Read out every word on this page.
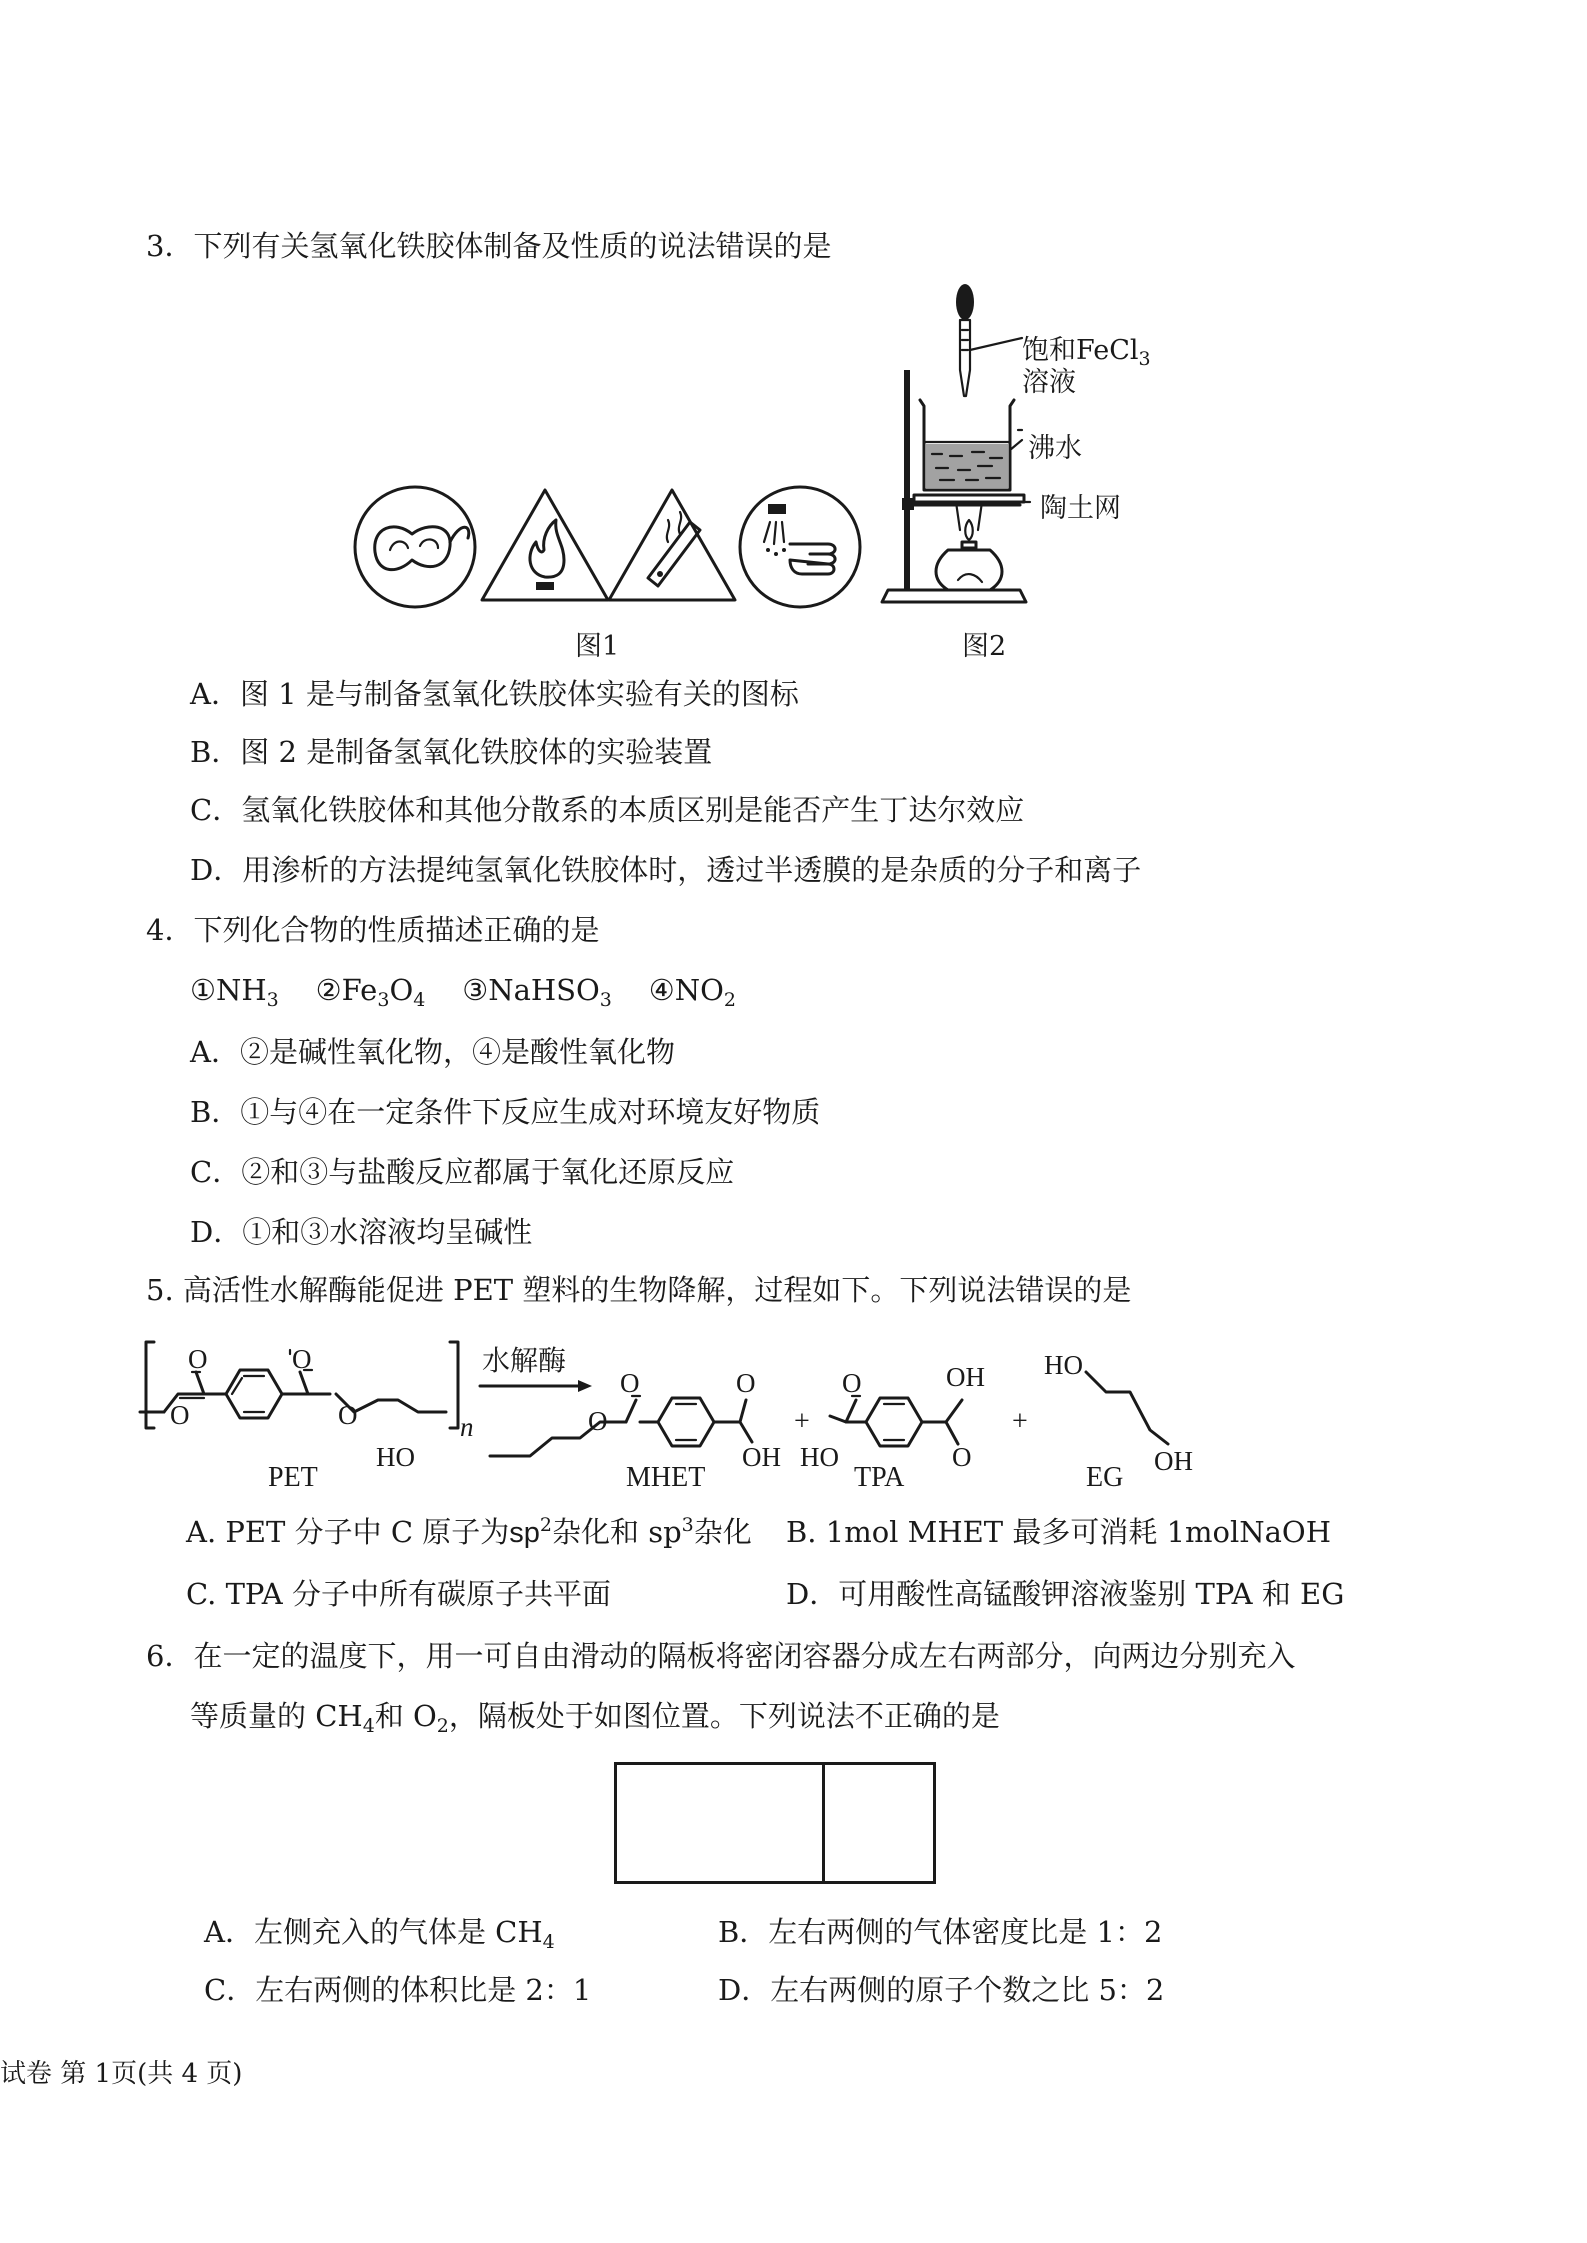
3．下列有关氢氧化铁胶体制备及性质的说法错误的是
图1
饱和FeCl$_3$
溶液
沸水
陶土网
图2
A．图 1 是与制备氢氧化铁胶体实验有关的图标
B．图 2 是制备氢氧化铁胶体的实验装置
C．氢氧化铁胶体和其他分散系的本质区别是能否产生丁达尔效应
D．用渗析的方法提纯氢氧化铁胶体时，透过半透膜的是杂质的分子和离子
4．下列化合物的性质描述正确的是
$①NH_3$ $②Fe_3O_4$ ③NaHSO$_3$ $④NO_2$
A．②是碱性氧化物，④是酸性氧化物
B．①与④在一定条件下反应生成对环境友好物质
C．②和③与盐酸反应都属于氧化还原反应
D．①和③水溶液均呈碱性
5. 高活性水解酶能促进 PET 塑料的生物降解，过程如下。下列说法错误的是
O
O	O
O	n
PET
水解酶
HO
O
O	O
OH
MHET
+
O
HO
OH
O
TPA
+
HO
OH
EG
A. PET 分子中 C 原子为$sp^2$杂化和 $sp^3$杂化 B. 1mol MHET 最多可消耗 1molNaOH
C. TPA 分子中所有碳原子共平面	D．可用酸性高锰酸钾溶液鉴别 TPA 和 EG
6．在一定的温度下，用一可自由滑动的隔板将密闭容器分成左右两部分，向两边分别充入
等质量的 $CH_4$和 $O_2$，隔板处于如图位置。下列说法不正确的是
A．左侧充入的气体是 $CH_4$	B．左右两侧的气体密度比是 1：2
C．左右两侧的体积比是 2：1	D．左右两侧的原子个数之比 5：2
试卷 第 1页(共 4 页)
